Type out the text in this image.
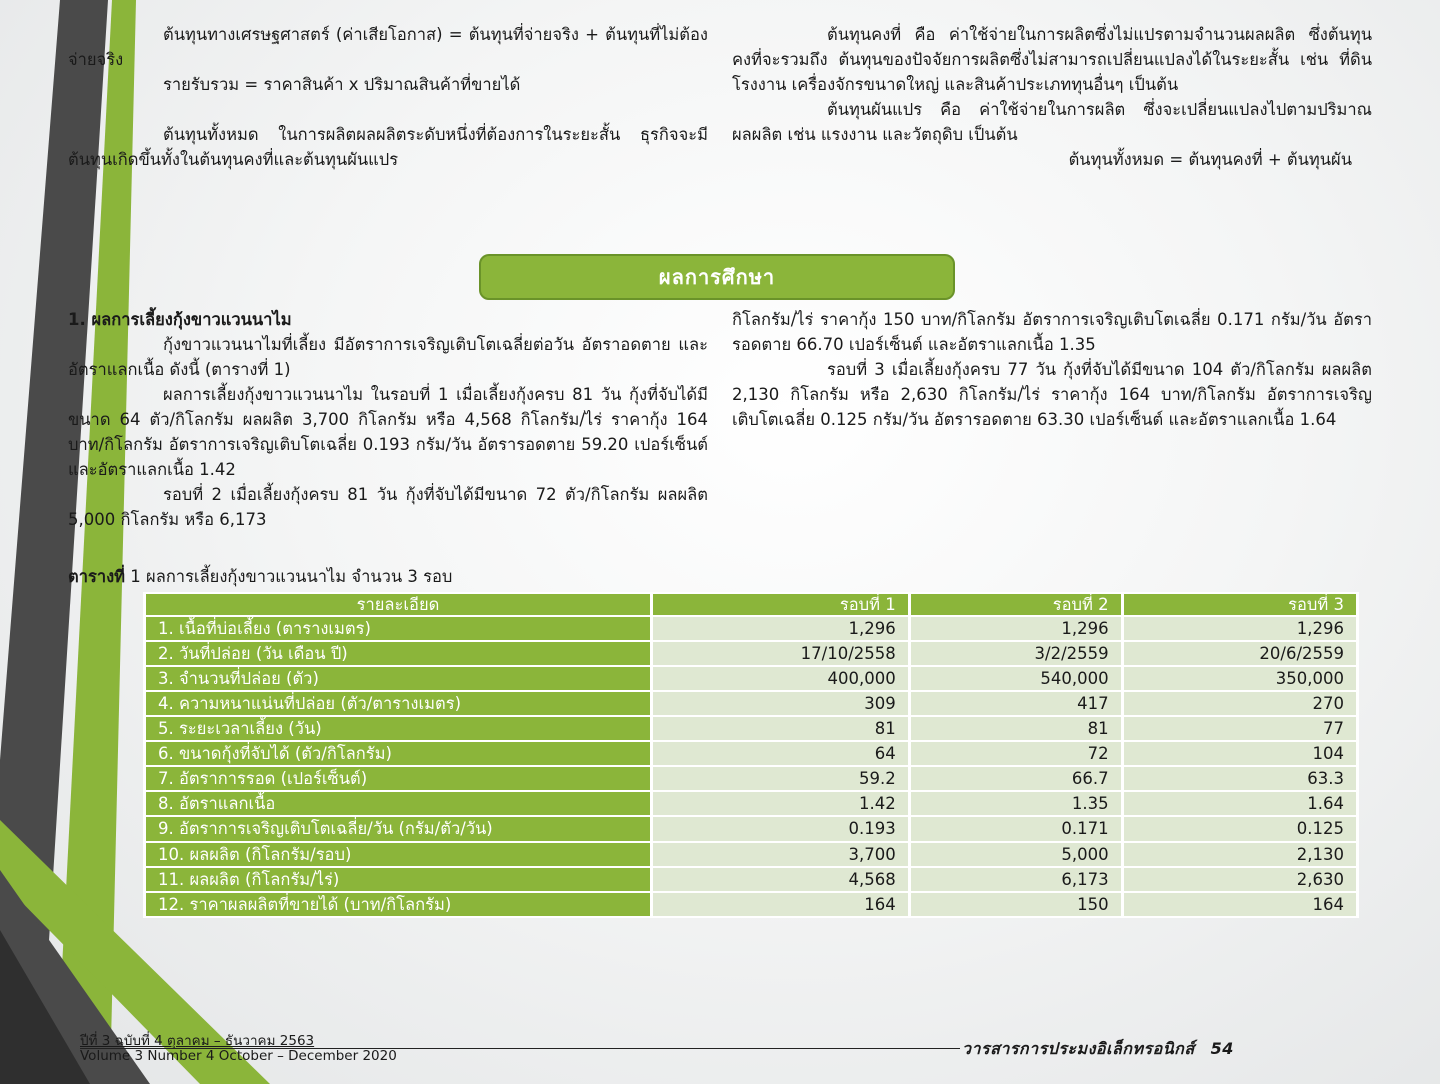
ต้นทุนทางเศรษฐศาสตร์ (ค่าเสียโอกาส) = ต้นทุนที่จ่ายจริง + ต้นทุนที่ไม่ต้องจ่ายจริง

รายรับรวม = ราคาสินค้า x ปริมาณสินค้าที่ขายได้

ต้นทุนทั้งหมด ในการผลิตผลผลิตระดับหนึ่งที่ต้องการในระยะสั้น ธุรกิจจะมีต้นทุนเกิดขึ้นทั้งในต้นทุนคงที่และต้นทุนผันแปร

ต้นทุนคงที่ คือ ค่าใช้จ่ายในการผลิตซึ่งไม่แปรตามจำนวนผลผลิต ซึ่งต้นทุนคงที่จะรวมถึง ต้นทุนของปัจจัยการผลิตซึ่งไม่สามารถเปลี่ยนแปลงได้ในระยะสั้น เช่น ที่ดินโรงงาน เครื่องจักรขนาดใหญ่ และสินค้าประเภททุนอื่นๆ เป็นต้น

ต้นทุนผันแปร คือ ค่าใช้จ่ายในการผลิต ซึ่งจะเปลี่ยนแปลงไปตามปริมาณผลผลิต เช่น แรงงาน และวัตถุดิบ เป็นต้น

ต้นทุนทั้งหมด = ต้นทุนคงที่ + ต้นทุนผัน

ผลการศึกษา

1. ผลการเลี้ยงกุ้งขาวแวนนาไม

กุ้งขาวแวนนาไมที่เลี้ยง มีอัตราการเจริญเติบโตเฉลี่ยต่อวัน อัตราอดตาย และอัตราแลกเนื้อ ดังนี้ (ตารางที่ 1)

ผลการเลี้ยงกุ้งขาวแวนนาไม ในรอบที่ 1 เมื่อเลี้ยงกุ้งครบ 81 วัน กุ้งที่จับได้มีขนาด 64 ตัว/กิโลกรัม ผลผลิต 3,700 กิโลกรัม หรือ 4,568 กิโลกรัม/ไร่ ราคากุ้ง 164 บาท/กิโลกรัม อัตราการเจริญเติบโตเฉลี่ย 0.193 กรัม/วัน อัตรารอดตาย 59.20 เปอร์เซ็นต์ และอัตราแลกเนื้อ 1.42

รอบที่ 2 เมื่อเลี้ยงกุ้งครบ 81 วัน กุ้งที่จับได้มีขนาด 72 ตัว/กิโลกรัม ผลผลิต 5,000 กิโลกรัม หรือ 6,173

กิโลกรัม/ไร่ ราคากุ้ง 150 บาท/กิโลกรัม อัตราการเจริญเติบโตเฉลี่ย 0.171 กรัม/วัน อัตรารอดตาย 66.70 เปอร์เซ็นต์ และอัตราแลกเนื้อ 1.35

รอบที่ 3 เมื่อเลี้ยงกุ้งครบ 77 วัน กุ้งที่จับได้มีขนาด 104 ตัว/กิโลกรัม ผลผลิต 2,130 กิโลกรัม หรือ 2,630 กิโลกรัม/ไร่ ราคากุ้ง 164 บาท/กิโลกรัม อัตราการเจริญเติบโตเฉลี่ย 0.125 กรัม/วัน อัตรารอดตาย 63.30 เปอร์เซ็นต์ และอัตราแลกเนื้อ 1.64

ตารางที่ 1 ผลการเลี้ยงกุ้งขาวแวนนาไม จำนวน 3 รอบ
รายละเอียด	รอบที่ 1	รอบที่ 2	รอบที่ 3
1. เนื้อที่บ่อเลี้ยง (ตารางเมตร)	1,296	1,296	1,296
2. วันที่ปล่อย (วัน เดือน ปี)	17/10/2558	3/2/2559	20/6/2559
3. จำนวนที่ปล่อย (ตัว)	400,000	540,000	350,000
4. ความหนาแน่นที่ปล่อย (ตัว/ตารางเมตร)	309	417	270
5. ระยะเวลาเลี้ยง (วัน)	81	81	77
6. ขนาดกุ้งที่จับได้ (ตัว/กิโลกรัม)	64	72	104
7. อัตราการรอด (เปอร์เซ็นต์)	59.2	66.7	63.3
8. อัตราแลกเนื้อ	1.42	1.35	1.64
9. อัตราการเจริญเติบโตเฉลี่ย/วัน (กรัม/ตัว/วัน)	0.193	0.171	0.125
10. ผลผลิต (กิโลกรัม/รอบ)	3,700	5,000	2,130
11. ผลผลิต (กิโลกรัม/ไร่)	4,568	6,173	2,630
12. ราคาผลผลิตที่ขายได้ (บาท/กิโลกรัม)	164	150	164
ปีที่ 3 ฉบับที่ 4 ตุลาคม – ธันวาคม 2563
Volume 3 Number 4 October – December 2020	วารสารการประมงอิเล็กทรอนิกส์ 54
